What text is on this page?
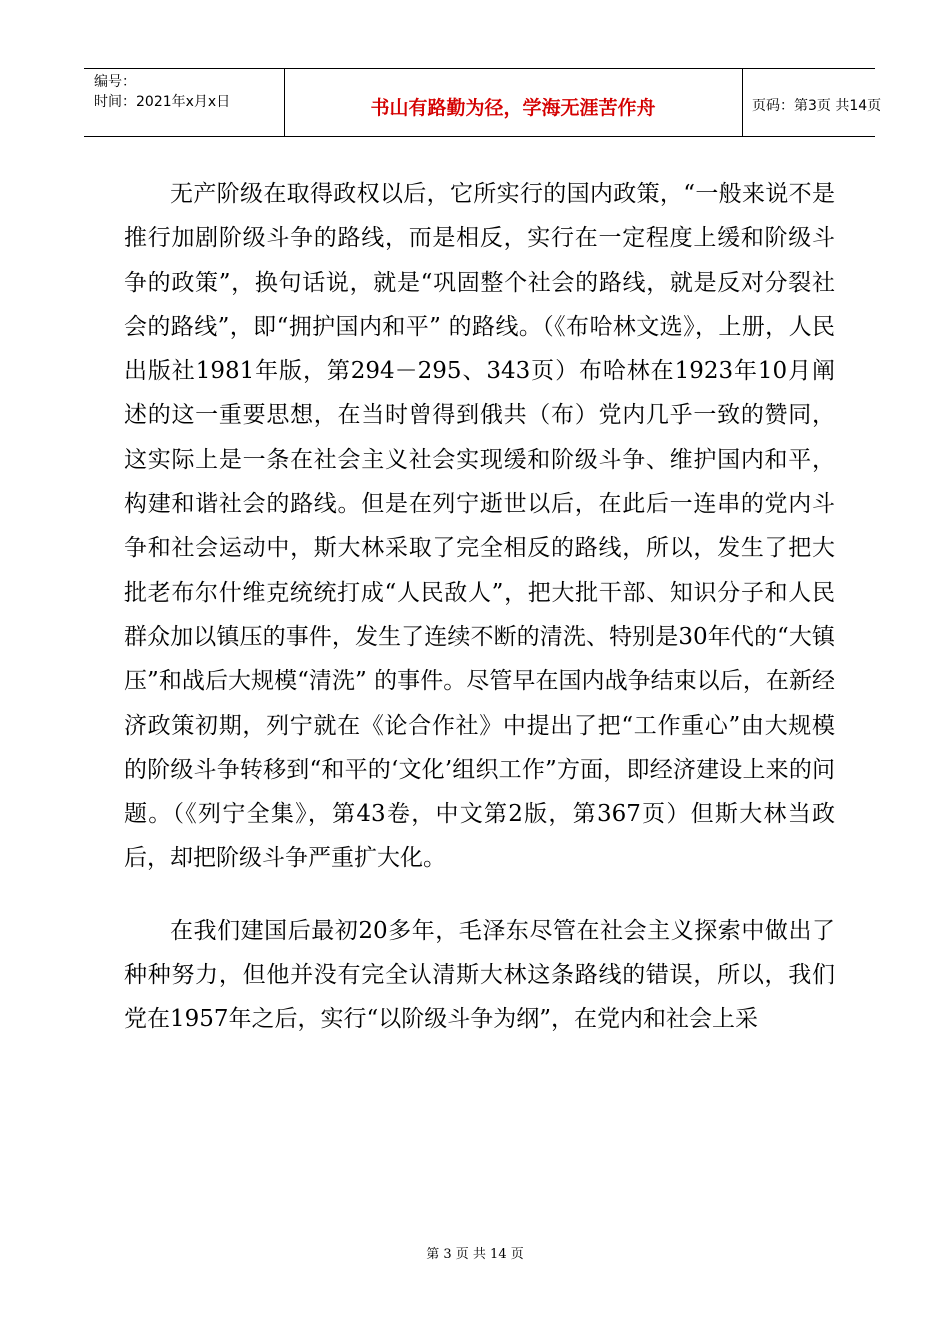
编号：
时间：2021年x月x日	书山有路勤为径，学海无涯苦作舟	页码：第3页 共14页

无产阶级在取得政权以后，它所实行的国内政策，“一般来说不是推行加剧阶级斗争的路线，而是相反，实行在一定程度上缓和阶级斗争的政策”，换句话说，就是“巩固整个社会的路线，就是反对分裂社会的路线”，即“拥护国内和平” 的路线。（《布哈林文选》，上册，人民出版社1981年版，第294－295、343页）布哈林在1923年10月阐述的这一重要思想，在当时曾得到俄共（布）党内几乎一致的赞同，这实际上是一条在社会主义社会实现缓和阶级斗争、维护国内和平，构建和谐社会的路线。但是在列宁逝世以后，在此后一连串的党内斗争和社会运动中，斯大林采取了完全相反的路线，所以，发生了把大批老布尔什维克统统打成“人民敌人”，把大批干部、知识分子和人民群众加以镇压的事件，发生了连续不断的清洗、特别是30年代的“大镇压”和战后大规模“清洗” 的事件。尽管早在国内战争结束以后，在新经济政策初期，列宁就在《论合作社》中提出了把“工作重心”由大规模的阶级斗争转移到“和平的‘文化’组织工作”方面，即经济建设上来的问题。（《列宁全集》，第43卷，中文第2版，第367页）但斯大林当政后，却把阶级斗争严重扩大化。

在我们建国后最初20多年，毛泽东尽管在社会主义探索中做出了种种努力，但他并没有完全认清斯大林这条路线的错误，所以，我们党在1957年之后，实行“以阶级斗争为纲”，在党内和社会上采

第 3 页 共 14 页
